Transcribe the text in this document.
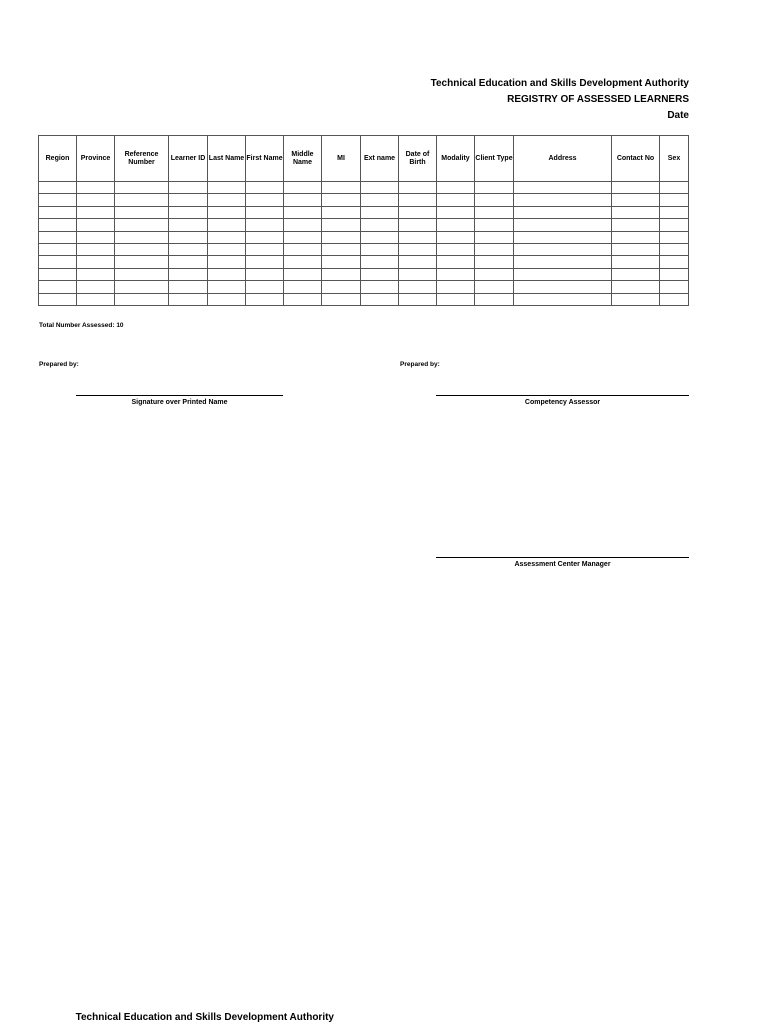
Technical Education and Skills Development Authority
REGISTRY OF ASSESSED LEARNERS
Date
Region	Province	Reference Number	Learner ID	Last Name	First Name	Middle Name	MI	Ext name	Date of Birth	Modality	Client Type	Address	Contact No	Sex

Total Number Assessed: 10
Prepared by:	Prepared by:
Signature over Printed Name	Competency Assessor
Assessment Center Manager
Technical Education and Skills Development Authority
